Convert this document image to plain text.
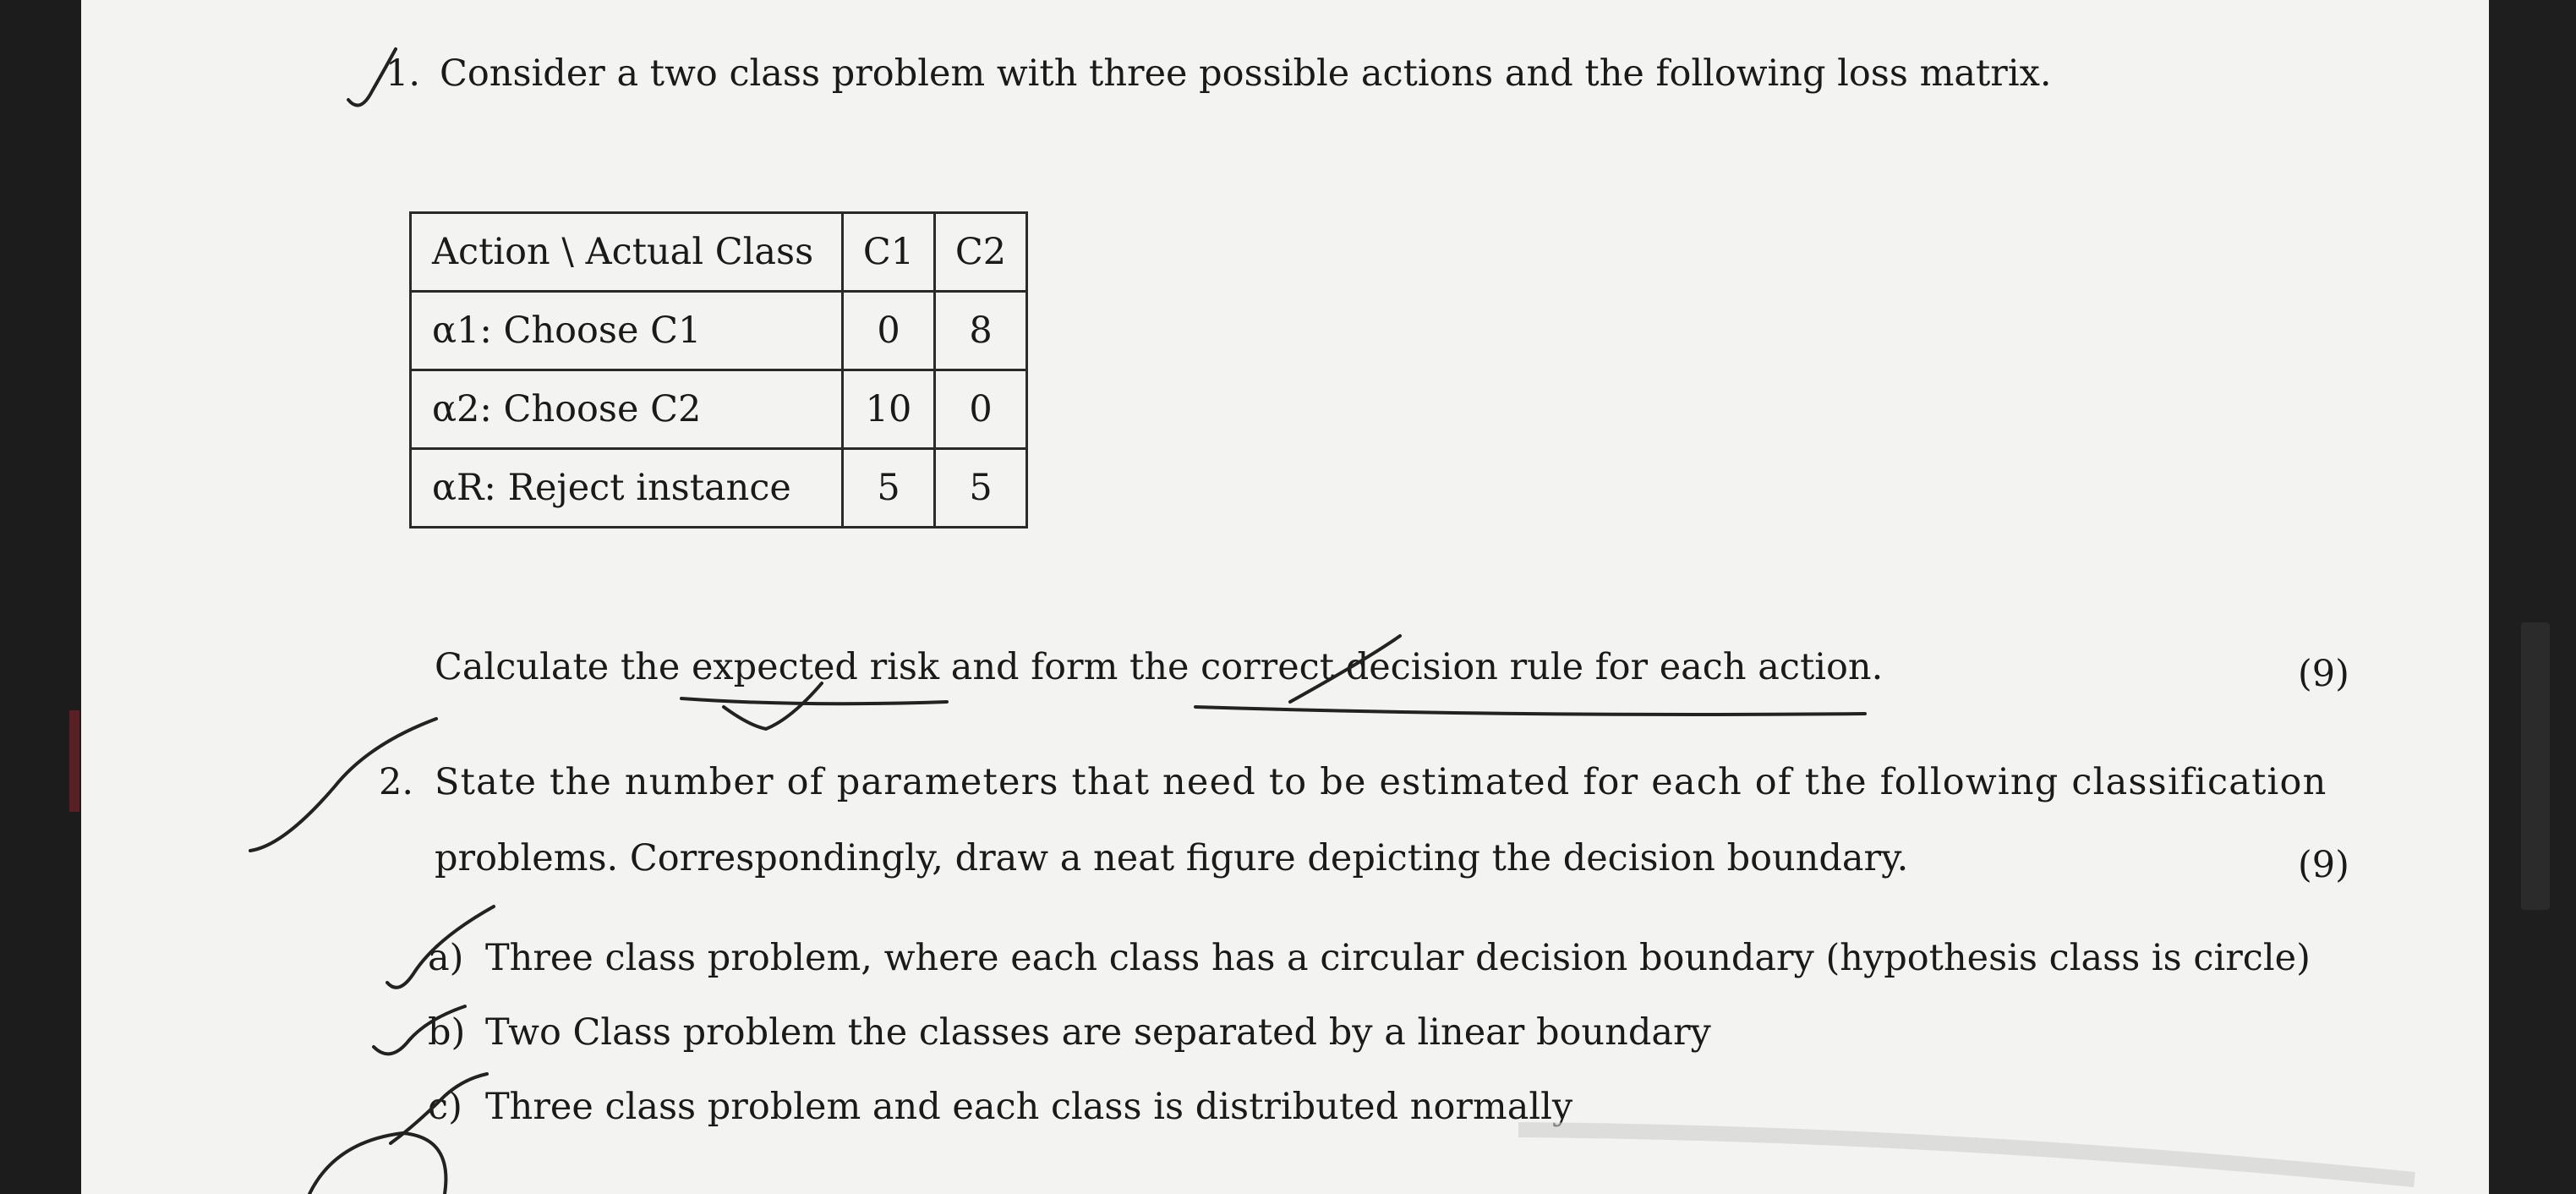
1. Consider a two class problem with three possible actions and the following loss matrix.
Action \ Actual Class	C1	C2
α1: Choose C1	0	8
α2: Choose C2	10	0
αR: Reject instance	5	5
Calculate the expected risk and form the correct decision rule for each action.	(9)
2. State the number of parameters that need to be estimated for each of the following classification
problems. Correspondingly, draw a neat figure depicting the decision boundary.	(9)
a) Three class problem, where each class has a circular decision boundary (hypothesis class is circle)
b) Two Class problem the classes are separated by a linear boundary
c) Three class problem and each class is distributed normally
